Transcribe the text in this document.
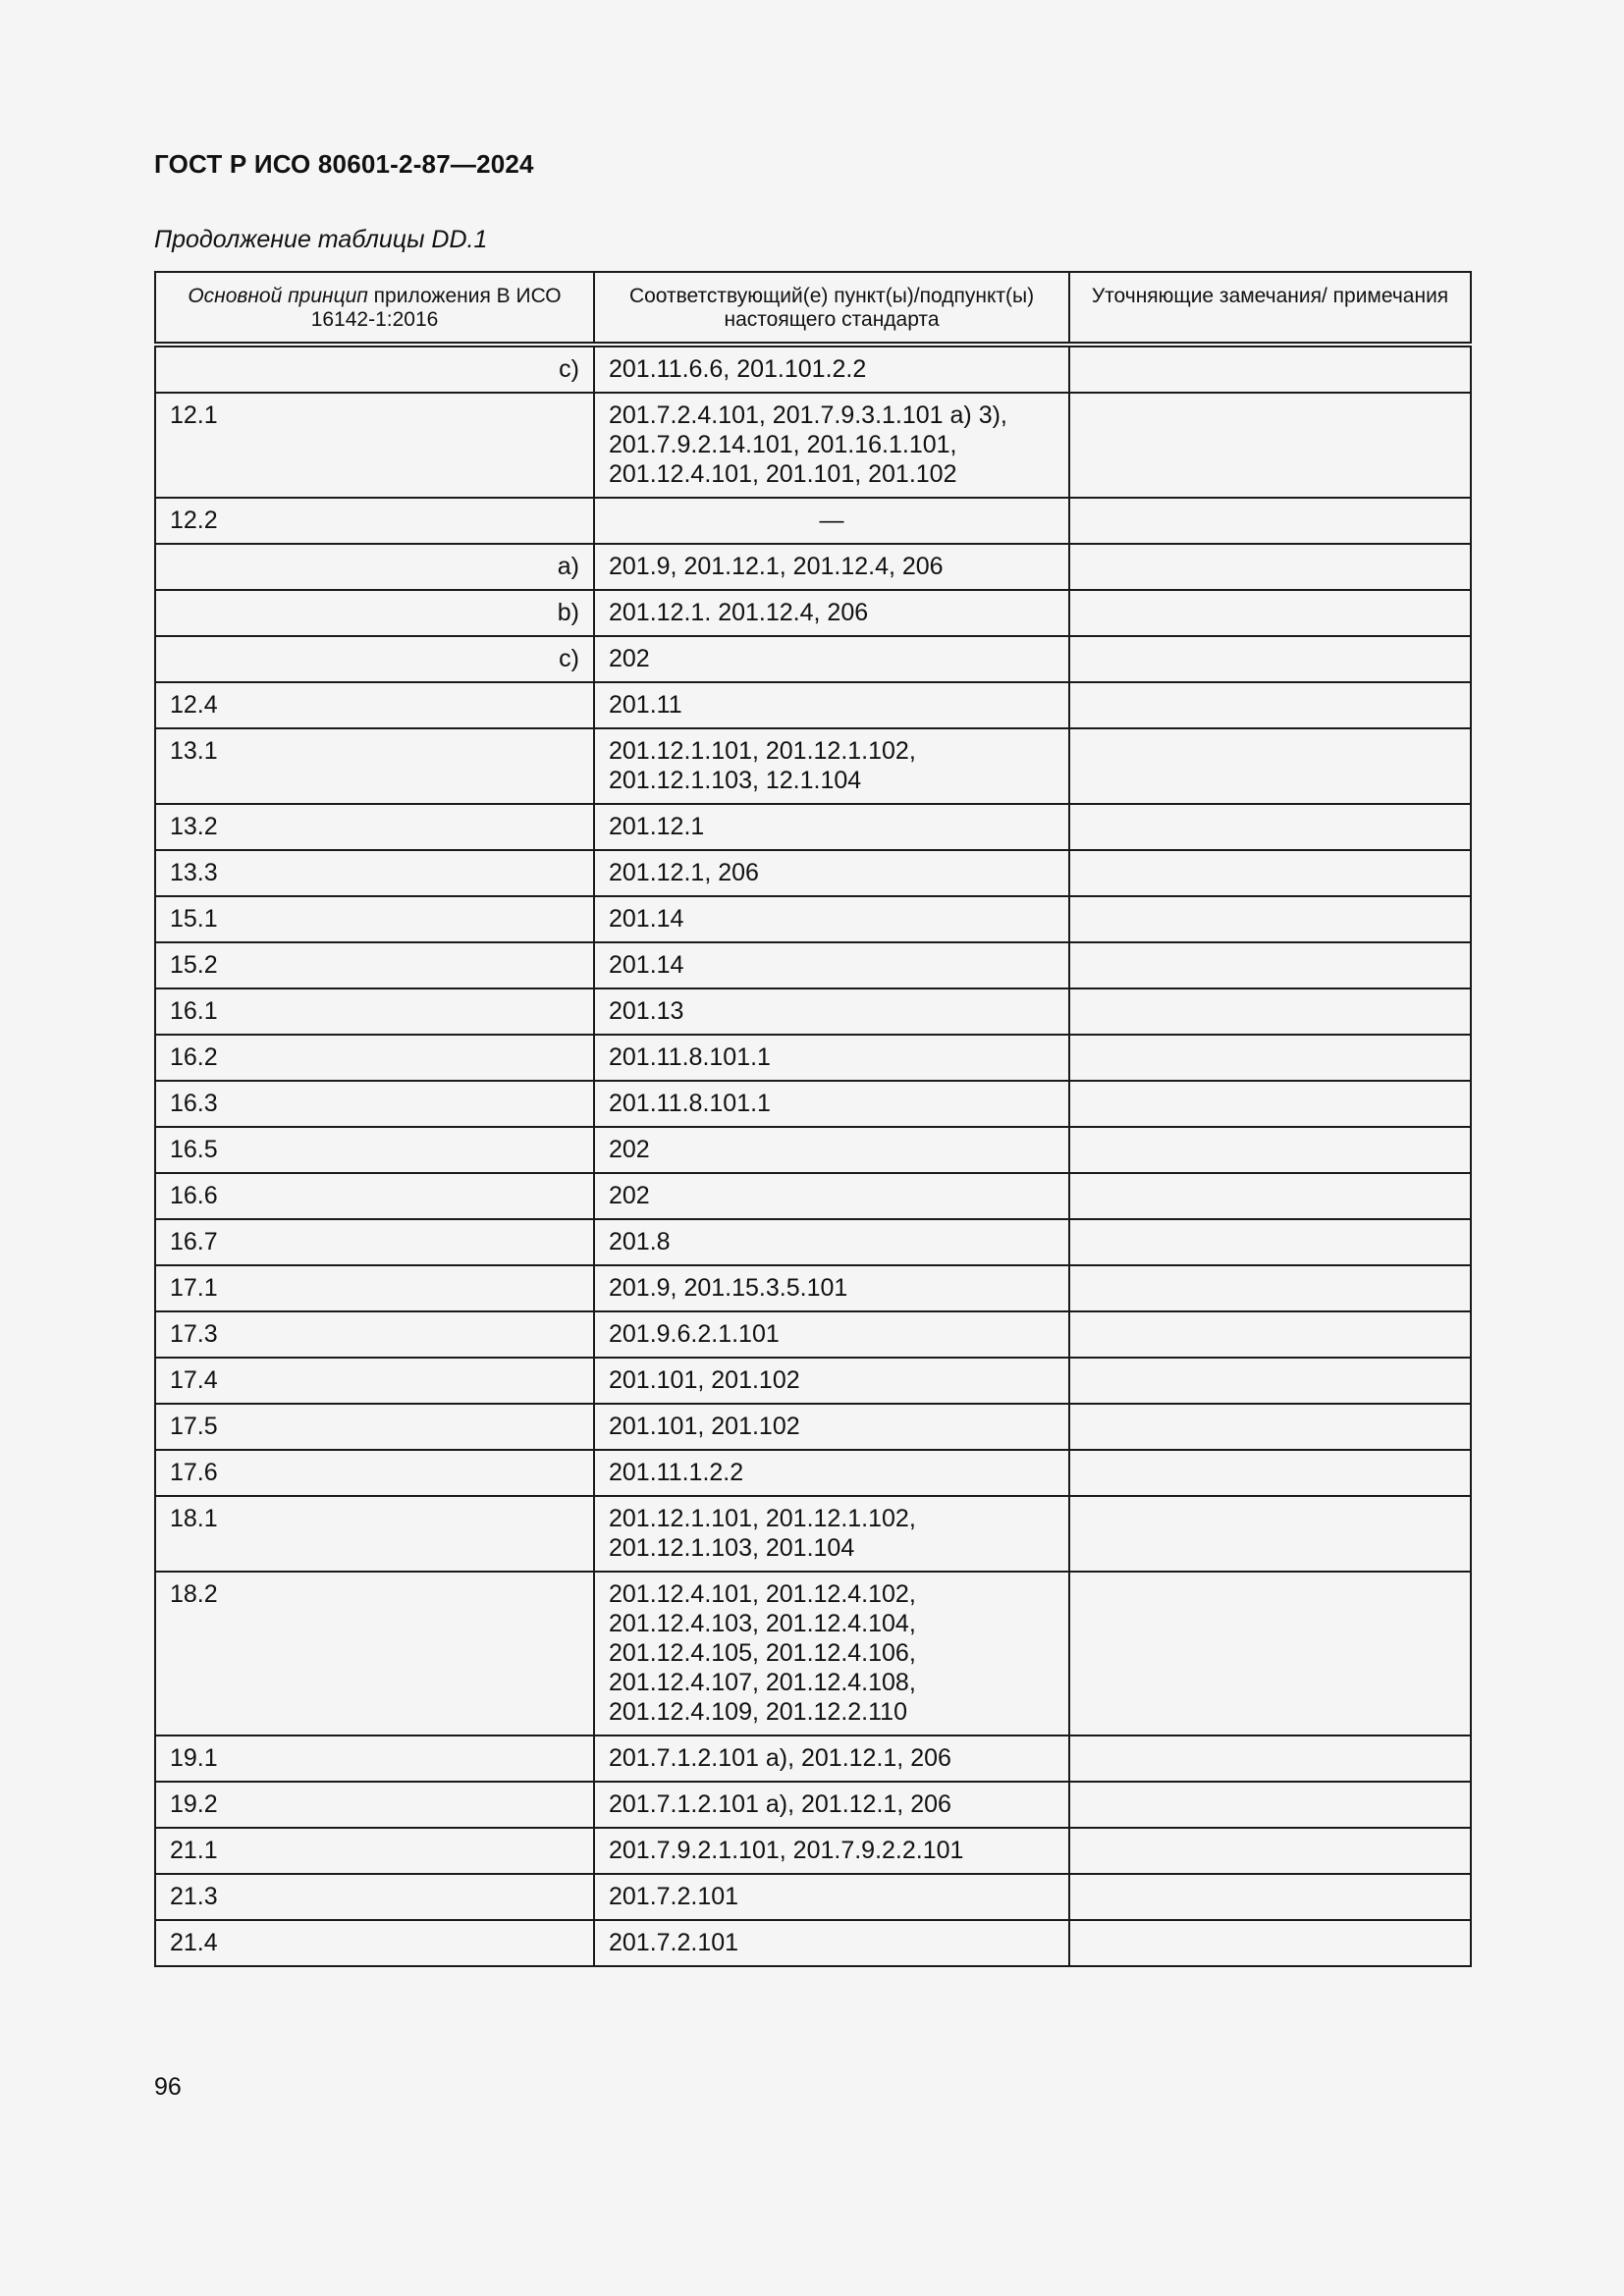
ГОСТ Р ИСО 80601-2-87—2024
Продолжение таблицы DD.1
Основной принцип приложения В ИСО 16142-1:2016	Соответствующий(е) пункт(ы)/подпункт(ы) настоящего стандарта	Уточняющие замечания/ примечания
c)	201.11.6.6, 201.101.2.2	

12.1	201.7.2.4.101, 201.7.9.3.1.101 a) 3),
201.7.9.2.14.101, 201.16.1.101,
201.12.4.101, 201.101, 201.102	

12.2	—	

a)	201.9, 201.12.1, 201.12.4, 206	

b)	201.12.1. 201.12.4, 206	

c)	202	

12.4	201.11	

13.1	201.12.1.101, 201.12.1.102,
201.12.1.103, 12.1.104	

13.2	201.12.1	

13.3	201.12.1, 206	

15.1	201.14	

15.2	201.14	

16.1	201.13	

16.2	201.11.8.101.1	

16.3	201.11.8.101.1	

16.5	202	

16.6	202	

16.7	201.8	

17.1	201.9, 201.15.3.5.101	

17.3	201.9.6.2.1.101	

17.4	201.101, 201.102	

17.5	201.101, 201.102	

17.6	201.11.1.2.2	

18.1	201.12.1.101, 201.12.1.102,
201.12.1.103, 201.104	

18.2	201.12.4.101, 201.12.4.102,
201.12.4.103, 201.12.4.104,
201.12.4.105, 201.12.4.106,
201.12.4.107, 201.12.4.108,
201.12.4.109, 201.12.2.110	

19.1	201.7.1.2.101 a), 201.12.1, 206	

19.2	201.7.1.2.101 a), 201.12.1, 206	

21.1	201.7.9.2.1.101, 201.7.9.2.2.101	

21.3	201.7.2.101	

21.4	201.7.2.101	

96
